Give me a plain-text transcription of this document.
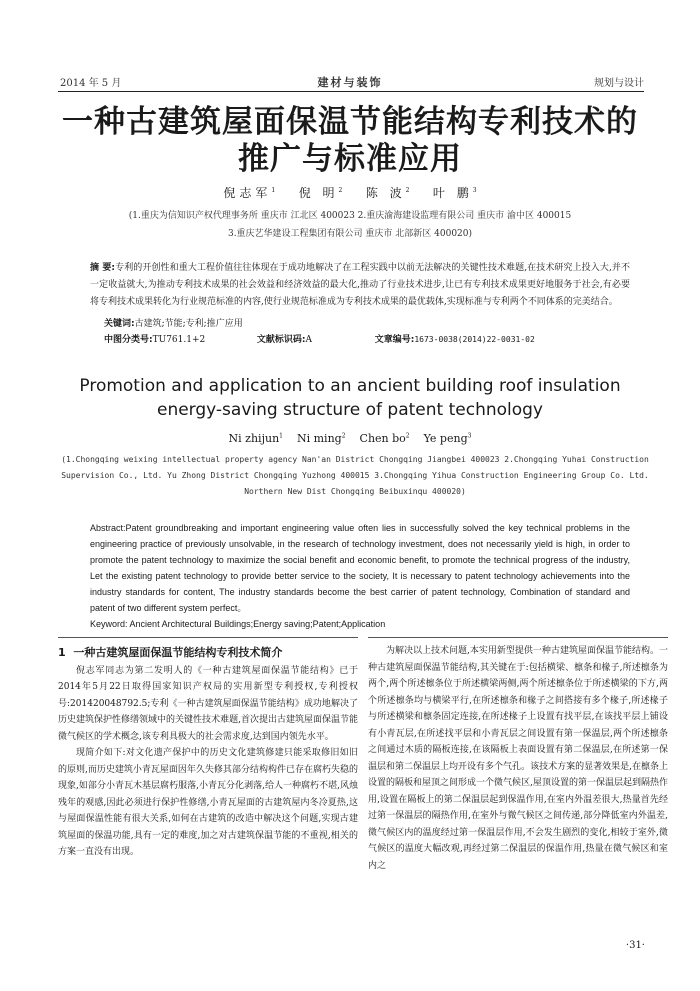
2014 年 5 月	建材与装饰	规划与设计
一种古建筑屋面保温节能结构专利技术的
推广与标准应用
倪志军$^1$ 倪 明$^2$ 陈 波$^2$ 叶 鹏$^3$
(1.重庆为信知识产权代理事务所 重庆市 江北区 400023 2.重庆渝海建设监理有限公司 重庆市 渝中区 400015
3.重庆艺华建设工程集团有限公司 重庆市 北部新区 400020)
摘 要:专利的开创性和重大工程价值往往体现在于成功地解决了在工程实践中以前无法解决的关键性技术难题,在技术研究上投入大,并不一定收益就大,为推动专利技术成果的社会效益和经济效益的最大化,推动了行业技术进步,让已有专利技术成果更好地服务于社会,有必要将专利技术成果转化为行业规范标准的内容,使行业规范标准成为专利技术成果的最优载体,实现标准与专利两个不同体系的完美结合。
关键词:古建筑;节能;专利;推广应用
中图分类号:TU761.1+2	文献标识码:A	文章编号:1673-0038(2014)22-0031-02
Promotion and application to an ancient building roof insulation
energy-saving structure of patent technology
Ni zhijun$^1$ Ni ming$^2$ Chen $bo^2$ Ye peng$^3$
(1.Chongqing weixing intellectual property agency Nan'an District Chongqing Jiangbei 400023 2.Chongqing Yuhai Construction
Supervision Co., Ltd. Yu Zhong District Chongqing Yuzhong 400015 3.Chongqing Yihua Construction Engineering Group Co. Ltd.
Northern New Dist Chongqing Beibuxinqu 400020)
Abstract:Patent groundbreaking and important engineering value often lies in successfully solved the key technical problems in the engineering practice of previously unsolvable, in the research of technology investment, does not necessarily yield is high, in order to promote the patent technology to maximize the social benefit and economic benefit, to promote the technical progress of the industry, Let the existing patent technology to provide better service to the society, It is necessary to patent technology achievements into the industry standards for content, The industry standards become the best carrier of patent technology, Combination of standard and patent of two different system perfect。
Keyword: Ancient Architectural Buildings;Energy saving;Patent;Application
1 一种古建筑屋面保温节能结构专利技术简介

倪志军同志为第二发明人的《一种古建筑屋面保温节能结构》已于2014年5月22日取得国家知识产权局的实用新型专利授权,专利授权号:201420048792.5;专利《一种古建筑屋面保温节能结构》成功地解决了历史建筑保护性修缮领域中的关键性技术难题,首次提出古建筑屋面保温节能微气候区的学术概念,该专利具极大的社会需求度,达到国内领先水平。

现简介如下:对文化遗产保护中的历史文化建筑修建只能采取修旧如旧的原则,而历史建筑小青瓦屋面因年久失修其部分结构构件已存在腐朽失稳的现象,如部分小青瓦木基层腐朽服落,小青瓦分化剥落,给人一种腐朽不堪,风烛残年的观感,因此必须进行保护性修缮,小青瓦屋面的古建筑屋内冬冷夏热,这与屋面保温性能有很大关系,如何在古建筑的改造中解决这个问题,实现古建筑屋面的保温功能,具有一定的难度,加之对古建筑保温节能的不重视,相关的方案一直没有出现。

为解决以上技术问题,本实用新型提供一种古建筑屋面保温节能结构。一种古建筑屋面保温节能结构,其关键在于:包括横梁、檩条和椽子,所述檩条为两个,两个所述檩条位于所述横梁两侧,两个所述檩条位于所述横梁的下方,两个所述檩条均与横梁平行,在所述檩条和椽子之间搭接有多个椽子,所述椽子与所述横梁和檩条固定连接,在所述椽子上设置有找平层,在该找平层上铺设有小青瓦层,在所述找平层和小青瓦层之间设置有第一保温层,两个所述檩条之间通过木质的隔板连接,在该隔板上表面设置有第二保温层,在所述第一保温层和第二保温层上均开设有多个气孔。该技术方案的显著效果是,在檩条上设置的隔板和屋顶之间形成一个微气候区,屋顶设置的第一保温层起到隔热作用,设置在隔板上的第二保温层起到保温作用,在室内外温差很大,热量首先经过第一保温层的隔热作用,在室外与微气候区之间传递,部分降低室内外温差,微气候区内的温度经过第一保温层作用,不会发生剧烈的变化,相较于室外,微气候区的温度大幅改观,再经过第二保温层的保温作用,热量在微气候区和室内之

·31·
